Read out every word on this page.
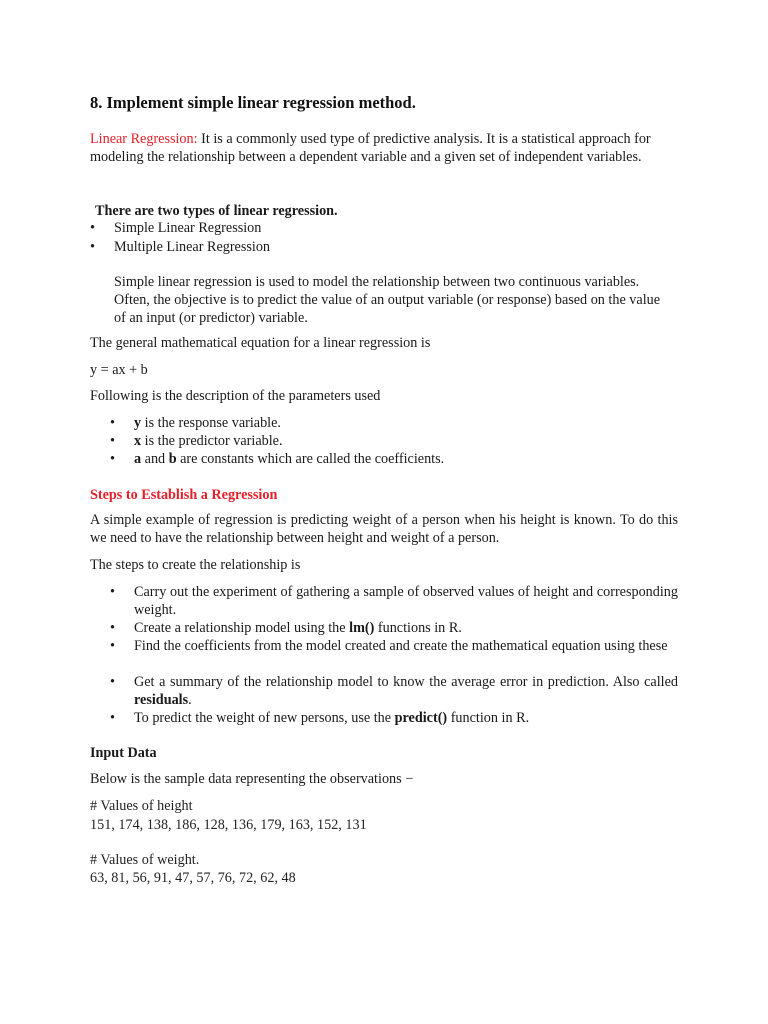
8. Implement simple linear regression method.
Linear Regression: It is a commonly used type of predictive analysis. It is a statistical approach for modeling the relationship between a dependent variable and a given set of independent variables.
There are two types of linear regression.
• Simple Linear Regression
• Multiple Linear Regression
Simple linear regression is used to model the relationship between two continuous variables. Often, the objective is to predict the value of an output variable (or response) based on the value of an input (or predictor) variable.
The general mathematical equation for a linear regression is
y = ax + b
Following is the description of the parameters used
• y is the response variable.
• x is the predictor variable.
• a and b are constants which are called the coefficients.
Steps to Establish a Regression
A simple example of regression is predicting weight of a person when his height is known. To do this we need to have the relationship between height and weight of a person.
The steps to create the relationship is
• Carry out the experiment of gathering a sample of observed values of height and corresponding weight.
• Create a relationship model using the lm() functions in R.
• Find the coefficients from the model created and create the mathematical equation using these
• Get a summary of the relationship model to know the average error in prediction. Also called residuals.
• To predict the weight of new persons, use the predict() function in R.
Input Data
Below is the sample data representing the observations −
# Values of height
151, 174, 138, 186, 128, 136, 179, 163, 152, 131
# Values of weight.
63, 81, 56, 91, 47, 57, 76, 72, 62, 48
